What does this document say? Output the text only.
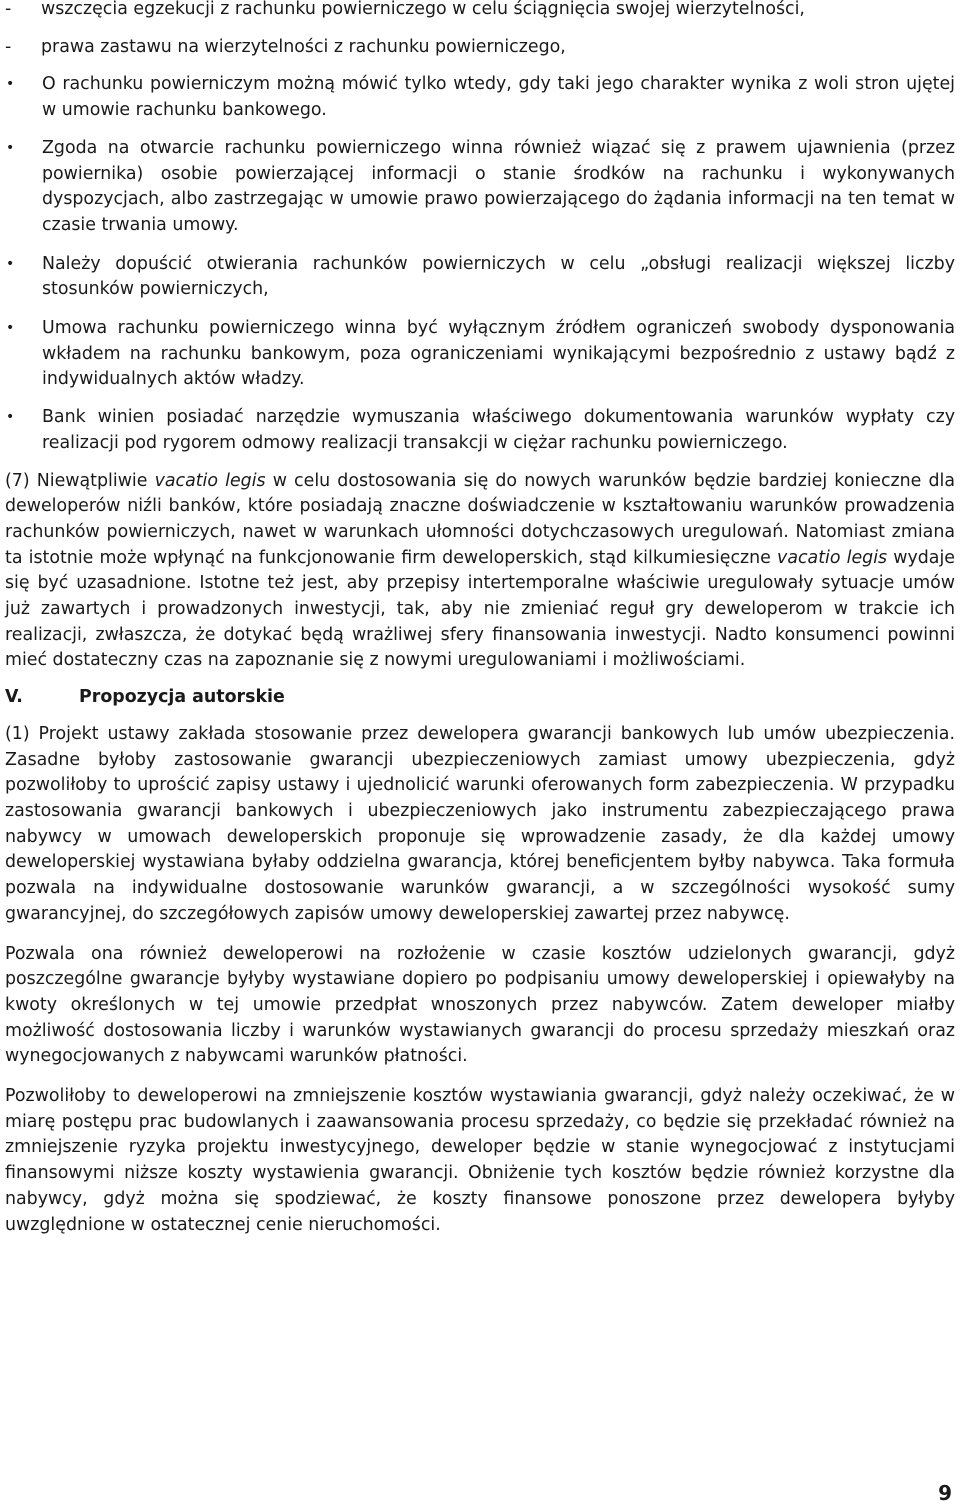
-	wszczęcia egzekucji z rachunku powierniczego w celu ściągnięcia swojej wierzytelności,
-	prawa zastawu na wierzytelności z rachunku powierniczego,
•	O rachunku powierniczym możną mówić tylko wtedy, gdy taki jego charakter wynika z woli stron ujętej w umowie rachunku bankowego.
•	Zgoda na otwarcie rachunku powierniczego winna również wiązać się z prawem ujawnienia (przez powiernika) osobie powierzającej informacji o stanie środków na rachunku i wykonywanych dyspozycjach, albo zastrzegając w umowie prawo powierzającego do żądania informacji na ten temat w czasie trwania umowy.
•	Należy dopuścić otwierania rachunków powierniczych w celu „obsługi realizacji większej liczby stosunków powierniczych,
•	Umowa rachunku powierniczego winna być wyłącznym źródłem ograniczeń swobody dysponowania wkładem na rachunku bankowym, poza ograniczeniami wynikającymi bezpośrednio z ustawy bądź z indywidualnych aktów władzy.
•	Bank winien posiadać narzędzie wymuszania właściwego dokumentowania warunków wypłaty czy realizacji pod rygorem odmowy realizacji transakcji w ciężar rachunku powierniczego.

(7) Niewątpliwie vacatio legis w celu dostosowania się do nowych warunków będzie bardziej konieczne dla deweloperów niźli banków, które posiadają znaczne doświadczenie w kształtowaniu warunków prowadzenia rachunków powierniczych, nawet w warunkach ułomności dotychczasowych uregulowań. Natomiast zmiana ta istotnie może wpłynąć na funkcjonowanie firm deweloperskich, stąd kilkumiesięczne vacatio legis wydaje się być uzasadnione. Istotne też jest, aby przepisy intertemporalne właściwie uregulowały sytuacje umów już zawartych i prowadzonych inwestycji, tak, aby nie zmieniać reguł gry deweloperom w trakcie ich realizacji, zwłaszcza, że dotykać będą wrażliwej sfery finansowania inwestycji. Nadto konsumenci powinni mieć dostateczny czas na zapoznanie się z nowymi uregulowaniami i możliwościami.

V.	Propozycja autorskie

(1) Projekt ustawy zakłada stosowanie przez dewelopera gwarancji bankowych lub umów ubezpieczenia. Zasadne byłoby zastosowanie gwarancji ubezpieczeniowych zamiast umowy ubezpieczenia, gdyż pozwoliłoby to uprościć zapisy ustawy i ujednolicić warunki oferowanych form zabezpieczenia. W przypadku zastosowania gwarancji bankowych i ubezpieczeniowych jako instrumentu zabezpieczającego prawa nabywcy w umowach deweloperskich proponuje się wprowadzenie zasady, że dla każdej umowy deweloperskiej wystawiana byłaby oddzielna gwarancja, której beneficjentem byłby nabywca. Taka formuła pozwala na indywidualne dostosowanie warunków gwarancji, a w szczególności wysokość sumy gwarancyjnej, do szczegółowych zapisów umowy deweloperskiej zawartej przez nabywcę.

Pozwala ona również deweloperowi na rozłożenie w czasie kosztów udzielonych gwarancji, gdyż poszczególne gwarancje byłyby wystawiane dopiero po podpisaniu umowy deweloperskiej i opiewałyby na kwoty określonych w tej umowie przedpłat wnoszonych przez nabywców. Zatem deweloper miałby możliwość dostosowania liczby i warunków wystawianych gwarancji do procesu sprzedaży mieszkań oraz wynegocjowanych z nabywcami warunków płatności.

Pozwoliłoby to deweloperowi na zmniejszenie kosztów wystawiania gwarancji, gdyż należy oczekiwać, że w miarę postępu prac budowlanych i zaawansowania procesu sprzedaży, co będzie się przekładać również na zmniejszenie ryzyka projektu inwestycyjnego, deweloper będzie w stanie wynegocjować z instytucjami finansowymi niższe koszty wystawienia gwarancji. Obniżenie tych kosztów będzie również korzystne dla nabywcy, gdyż można się spodziewać, że koszty finansowe ponoszone przez dewelopera byłyby uwzględnione w ostatecznej cenie nieruchomości.

9
